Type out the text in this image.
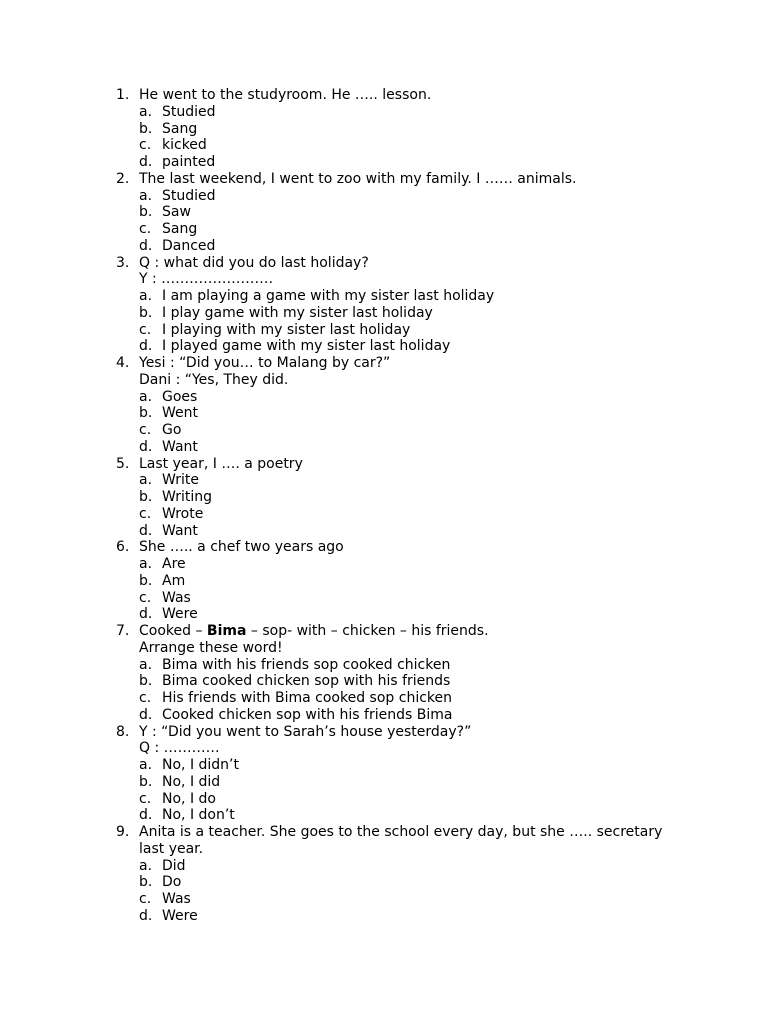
1. He went to the studyroom. He ….. lesson.
a. Studied
b. Sang
c. kicked
d. painted
2. The last weekend, I went to zoo with my family. I …… animals.
a. Studied
b. Saw
c. Sang
d. Danced
3. Q : what did you do last holiday?
Y : ……………………
a. I am playing a game with my sister last holiday
b. I play game with my sister last holiday
c. I playing with my sister last holiday
d. I played game with my sister last holiday
4. Yesi : “Did you… to Malang by car?”
Dani : “Yes, They did.
a. Goes
b. Went
c. Go
d. Want
5. Last year, I …. a poetry
a. Write
b. Writing
c. Wrote
d. Want
6. She ….. a chef two years ago
a. Are
b. Am
c. Was
d. Were
7. Cooked – Bima – sop- with – chicken – his friends.
Arrange these word!
a. Bima with his friends sop cooked chicken
b. Bima cooked chicken sop with his friends
c. His friends with Bima cooked sop chicken
d. Cooked chicken sop with his friends Bima
8. Y : “Did you went to Sarah’s house yesterday?”
Q : …………
a. No, I didn’t
b. No, I did
c. No, I do
d. No, I don’t
9. Anita is a teacher. She goes to the school every day, but she ….. secretary
last year.
a. Did
b. Do
c. Was
d. Were
